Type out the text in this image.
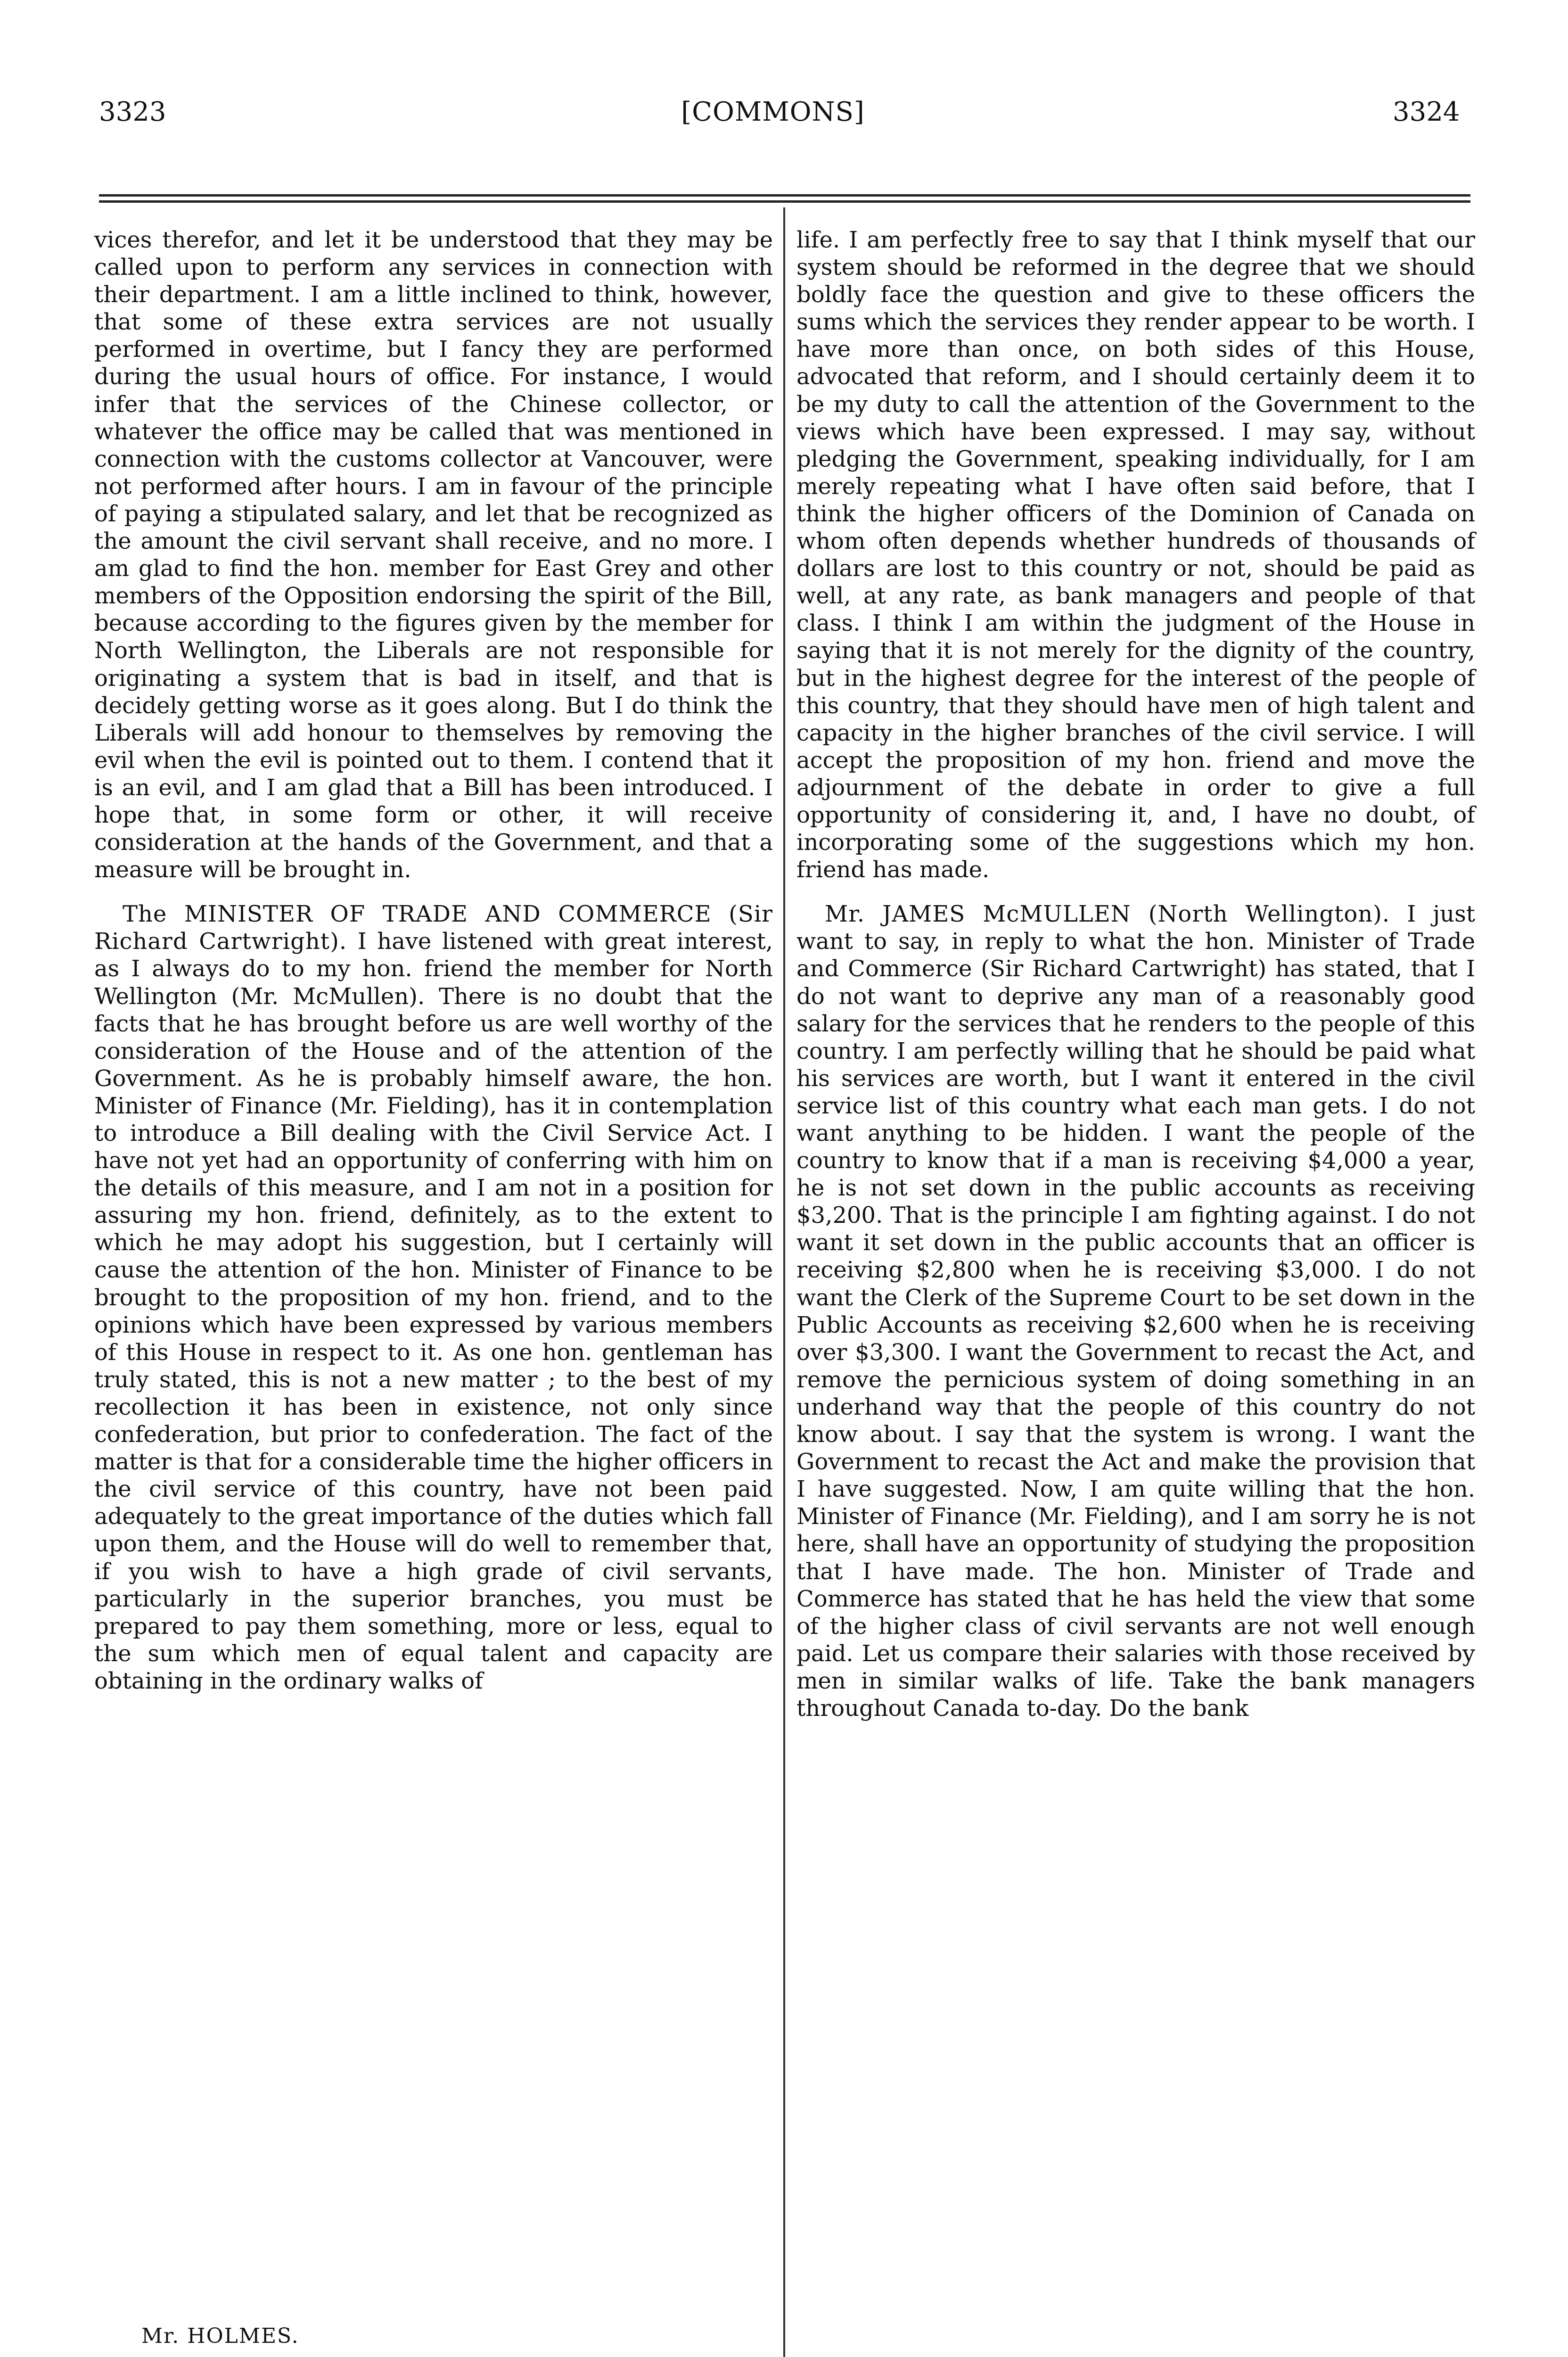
3323	[COMMONS]	3324

vices therefor, and let it be understood that they may be called upon to perform any services in connection with their department. I am a little inclined to think, however, that some of these extra services are not usually performed in overtime, but I fancy they are performed during the usual hours of office. For instance, I would infer that the services of the Chinese collector, or whatever the office may be called that was mentioned in connection with the customs collector at Vancouver, were not performed after hours. I am in favour of the principle of paying a stipulated salary, and let that be recognized as the amount the civil servant shall receive, and no more. I am glad to find the hon. member for East Grey and other members of the Opposition endorsing the spirit of the Bill, because according to the figures given by the member for North Wellington, the Liberals are not responsible for originating a system that is bad in itself, and that is decidely getting worse as it goes along. But I do think the Liberals will add honour to themselves by removing the evil when the evil is pointed out to them. I contend that it is an evil, and I am glad that a Bill has been introduced. I hope that, in some form or other, it will receive consideration at the hands of the Government, and that a measure will be brought in.

The MINISTER OF TRADE AND COMMERCE (Sir Richard Cartwright). I have listened with great interest, as I always do to my hon. friend the member for North Wellington (Mr. McMullen). There is no doubt that the facts that he has brought before us are well worthy of the consideration of the House and of the attention of the Government. As he is probably himself aware, the hon. Minister of Finance (Mr. Fielding), has it in contemplation to introduce a Bill dealing with the Civil Service Act. I have not yet had an opportunity of conferring with him on the details of this measure, and I am not in a position for assuring my hon. friend, definitely, as to the extent to which he may adopt his suggestion, but I certainly will cause the attention of the hon. Minister of Finance to be brought to the proposition of my hon. friend, and to the opinions which have been expressed by various members of this House in respect to it. As one hon. gentleman has truly stated, this is not a new matter ; to the best of my recollection it has been in existence, not only since confederation, but prior to confederation. The fact of the matter is that for a considerable time the higher officers in the civil service of this country, have not been paid adequately to the great importance of the duties which fall upon them, and the House will do well to remember that, if you wish to have a high grade of civil servants, particularly in the superior branches, you must be prepared to pay them something, more or less, equal to the sum which men of equal talent and capacity are obtaining in the ordinary walks of

life. I am perfectly free to say that I think myself that our system should be reformed in the degree that we should boldly face the question and give to these officers the sums which the services they render appear to be worth. I have more than once, on both sides of this House, advocated that reform, and I should certainly deem it to be my duty to call the attention of the Government to the views which have been expressed. I may say, without pledging the Government, speaking individually, for I am merely repeating what I have often said before, that I think the higher officers of the Dominion of Canada on whom often depends whether hundreds of thousands of dollars are lost to this country or not, should be paid as well, at any rate, as bank managers and people of that class. I think I am within the judgment of the House in saying that it is not merely for the dignity of the country, but in the highest degree for the interest of the people of this country, that they should have men of high talent and capacity in the higher branches of the civil service. I will accept the proposition of my hon. friend and move the adjournment of the debate in order to give a full opportunity of considering it, and, I have no doubt, of incorporating some of the suggestions which my hon. friend has made.

Mr. JAMES McMULLEN (North Wellington). I just want to say, in reply to what the hon. Minister of Trade and Commerce (Sir Richard Cartwright) has stated, that I do not want to deprive any man of a reasonably good salary for the services that he renders to the people of this country. I am perfectly willing that he should be paid what his services are worth, but I want it entered in the civil service list of this country what each man gets. I do not want anything to be hidden. I want the people of the country to know that if a man is receiving $4,000 a year, he is not set down in the public accounts as receiving $3,200. That is the principle I am fighting against. I do not want it set down in the public accounts that an officer is receiving $2,800 when he is receiving $3,000. I do not want the Clerk of the Supreme Court to be set down in the Public Accounts as receiving $2,600 when he is receiving over $3,300. I want the Government to recast the Act, and remove the pernicious system of doing something in an underhand way that the people of this country do not know about. I say that the system is wrong. I want the Government to recast the Act and make the provision that I have suggested. Now, I am quite willing that the hon. Minister of Finance (Mr. Fielding), and I am sorry he is not here, shall have an opportunity of studying the proposition that I have made. The hon. Minister of Trade and Commerce has stated that he has held the view that some of the higher class of civil servants are not well enough paid. Let us compare their salaries with those received by men in similar walks of life. Take the bank managers throughout Canada to-day. Do the bank

Mr. HOLMES.
